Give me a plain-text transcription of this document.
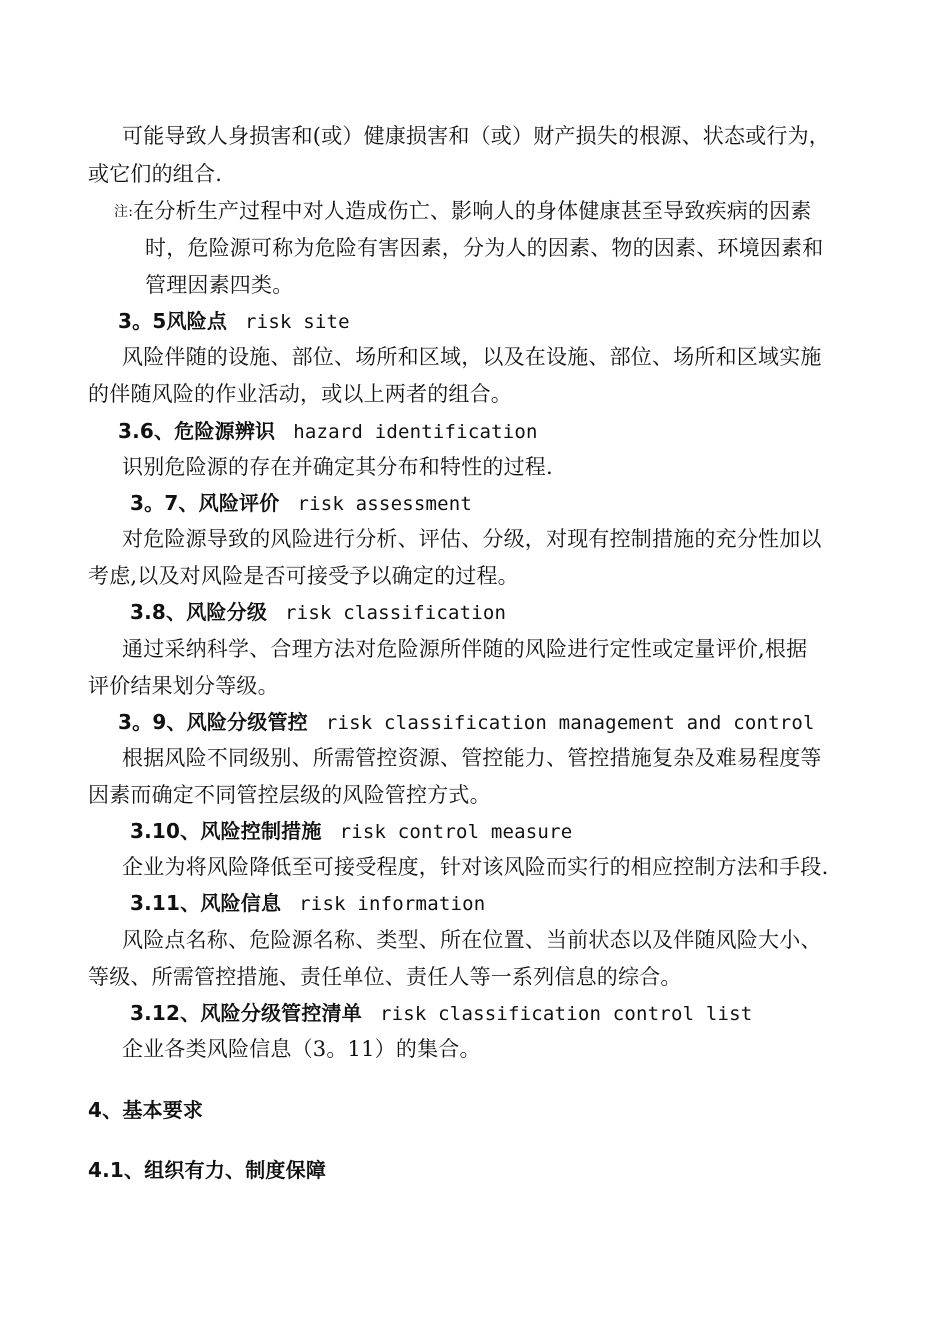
可能导致人身损害和(或）健康损害和（或）财产损失的根源、状态或行为，
或它们的组合.
注:在分析生产过程中对人造成伤亡、影响人的身体健康甚至导致疾病的因素
时，危险源可称为危险有害因素，分为人的因素、物的因素、环境因素和
管理因素四类。
3。5风险点 risk site
风险伴随的设施、部位、场所和区域，以及在设施、部位、场所和区域实施
的伴随风险的作业活动，或以上两者的组合。
3.6、危险源辨识 hazard identification
识别危险源的存在并确定其分布和特性的过程.
3。7、风险评价 risk assessment
对危险源导致的风险进行分析、评估、分级，对现有控制措施的充分性加以
考虑,以及对风险是否可接受予以确定的过程。
3.8、风险分级 risk classification
通过采纳科学、合理方法对危险源所伴随的风险进行定性或定量评价,根据
评价结果划分等级。
3。9、风险分级管控 risk classification management and control
根据风险不同级别、所需管控资源、管控能力、管控措施复杂及难易程度等
因素而确定不同管控层级的风险管控方式。
3.10、风险控制措施 risk control measure
企业为将风险降低至可接受程度，针对该风险而实行的相应控制方法和手段.
3.11、风险信息 risk information
风险点名称、危险源名称、类型、所在位置、当前状态以及伴随风险大小、
等级、所需管控措施、责任单位、责任人等一系列信息的综合。
3.12、风险分级管控清单 risk classification control list
企业各类风险信息（3。11）的集合。
4、基本要求
4.1、组织有力、制度保障
